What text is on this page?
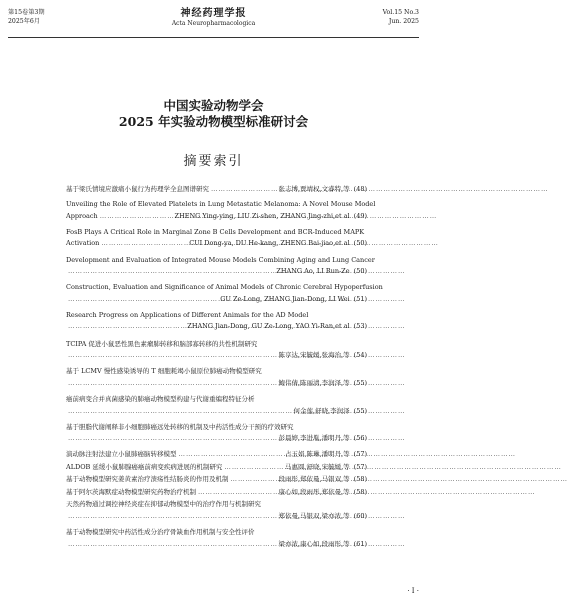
第15卷第3期
2025年6月
神经药理学报
Acta Neuropharmacologica
Vol.15 No.3
Jun. 2025
中国实验动物学会
2025 年实验动物模型标准研讨会
摘要索引
基于梁氏情境应激痛小鼠行为药理学全息图谱研究 ………………………………………………………………………………………………………………………	张志博,贾靖权,文睿特,等 (48)
Unveiling the Role of Elevated Platelets in Lung Metastatic Melanoma: A Novel Mouse Model
Approach ………………………………………………………………………………………………………………………	ZHENG Ying-ying, LIU Zi-shen, ZHANG Jing-zhi,et al (49)
FosB Plays A Critical Role in Marginal Zone B Cells Development and BCR-Induced MAPK
Activation ………………………………………………………………………………………………………………………	CUI Dong-ya, DU He-kang, ZHENG Bai-jiao,et al (50)
Development and Evaluation of Integrated Mouse Models Combining Aging and Lung Cancer
………………………………………………………………………………………………………………………
ZHANG Ao, LI Run-Ze (50)
Construction, Evaluation and Significance of Animal Models of Chronic Cerebral Hypoperfusion
………………………………………………………………………………………………………………………
GU Ze-Long, ZHANG Jian-Dong, LI Wei (51)
Research Progress on Applications of Different Animals for the AD Model
………………………………………………………………………………………………………………………
ZHANG Jian-Dong, GU Ze-Long, YAO Yi-Ran,et al (53)
TCIPA 促进小鼠恶性黑色素瘤肺转移和脑部寡转移的共性机制研究
………………………………………………………………………………………………………………………
陈亨达,宋毓媛,张海治,等 (54)
基于 LCMV 慢性感染诱导的 T 细胞耗竭小鼠原位肺癌动物模型研究
………………………………………………………………………………………………………………………
鲍伟倩,陈丽清,李润泽,等 (55)
癌前病变合并真菌感染的肺癌动物模型构建与代谢重编程特征分析
………………………………………………………………………………………………………………………
何金莲,舒晓,李润泽 (55)
基于胆脂代谢阐释非小细胞肺癌远处转移的机制及中药活性成分干预的疗效研究
………………………………………………………………………………………………………………………
彭晨婷,李进胤,潘明丹,等 (56)
演动脉注射法建立小鼠肺癌脑转移模型 ………………………………………………………………………………………………………………………	占玉娟,陈琳,潘明丹,等 (57)
ALDOB 延缓小鼠肺腺癌癌前病变疾病进展的机制研究 ………………………………………………………………………………………………………………………	马惠圆,舒晓,宋毓媛,等 (57)
基于动物模型研究姜黄素治疗溃疡性结肠炎的作用及机制 ………………………………………………………………………………………………………………………	段雨彤,郑依曼,马银双,等 (58)
基于阿尔茨海默症动物模型研究药物治疗机制 ………………………………………………………………………………………………………………………	康心如,段雨彤,郑依曼,等 (58)
天然药物通过调控神经炎症在抑郁动物模型中的治疗作用与机制研究
………………………………………………………………………………………………………………………
郑依曼,马银双,梁亦浓,等 (60)
基于动物模型研究中药活性成分治疗骨缺血作用机制与安全性评价
………………………………………………………………………………………………………………………
梁亦浓,康心如,段雨彤,等 (61)
· I ·
